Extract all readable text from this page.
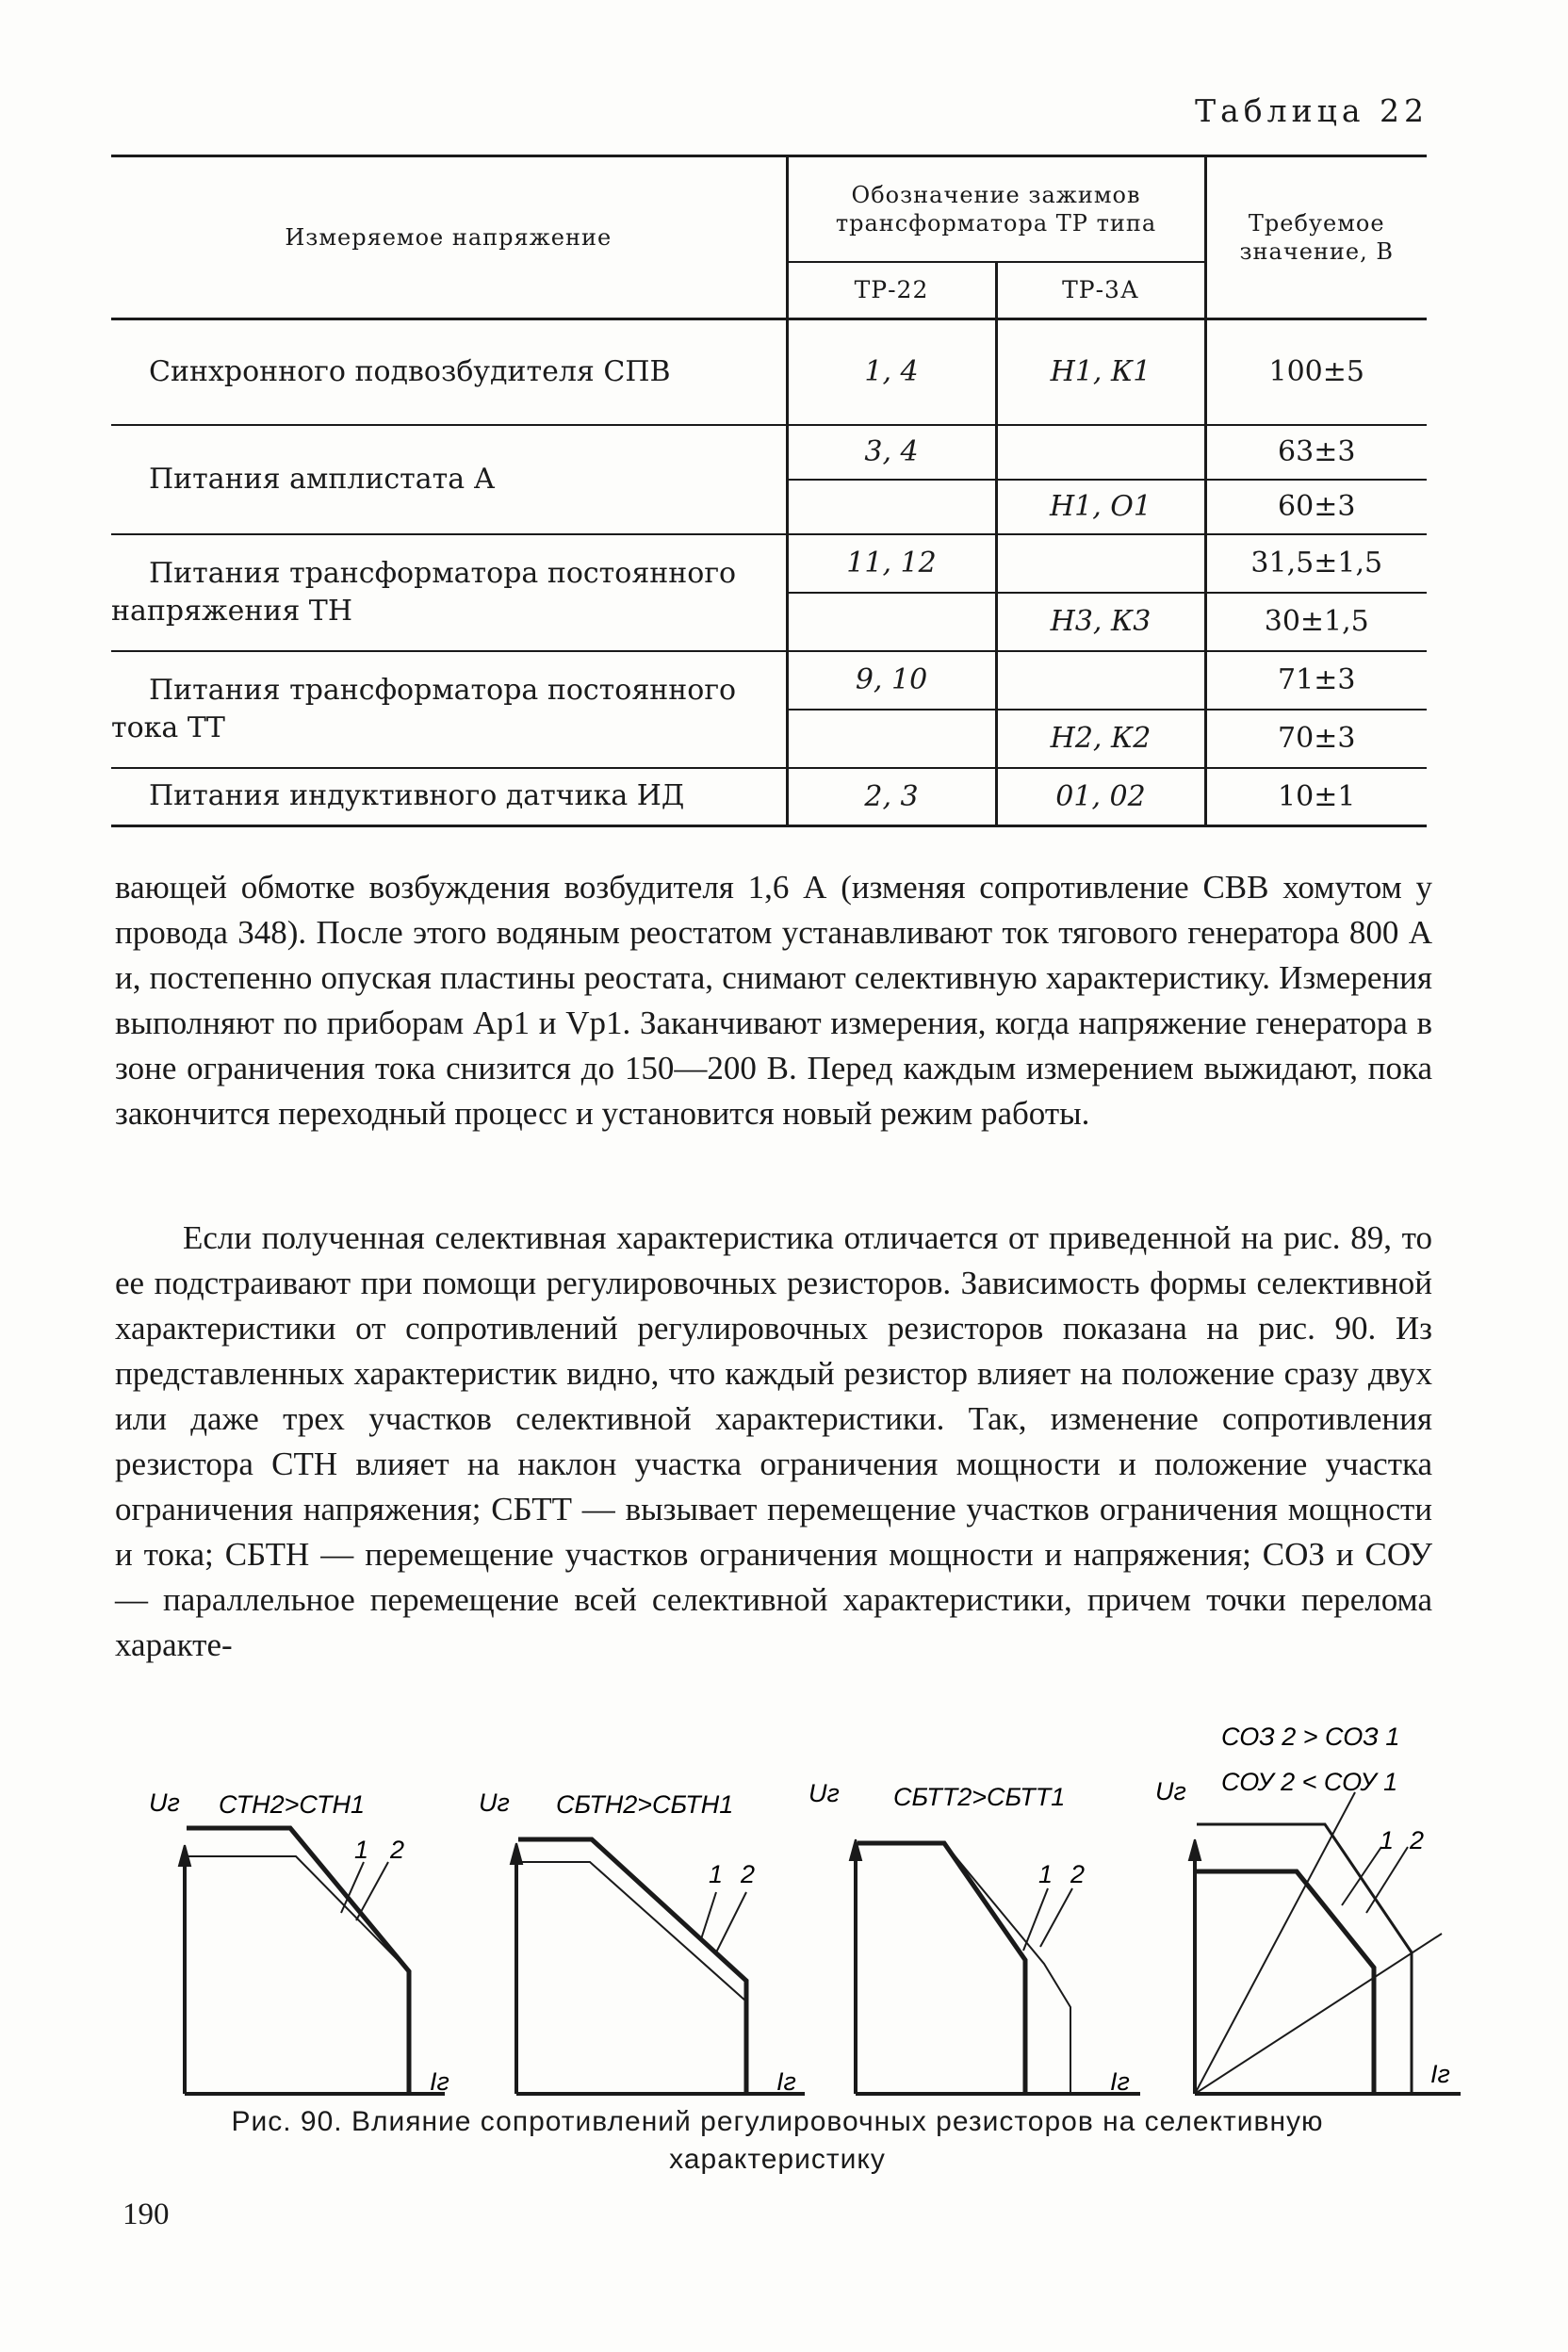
Таблица 22
Измеряемое напряжение	Обозначение зажимов трансформатора ТР типа		Требуемое значение, В
	ТР-22	ТР-3А	
Синхронного подвозбудителя СПВ	1, 4	Н1, К1	100±5
Питания амплистата А	3, 4		63±3
		Н1, О1	60±3
Питания трансформатора постоянного напряжения ТН	11, 12		31,5±1,5
		Н3, К3	30±1,5
Питания трансформатора постоянного тока ТТ	9, 10		71±3
		Н2, К2	70±3
Питания индуктивного датчика ИД	2, 3	01, 02	10±1
вающей обмотке возбуждения возбудителя 1,6 А (изменяя сопротивление СВВ хомутом у провода 348). После этого водяным реостатом устанавливают ток тягового генератора 800 А и, постепенно опуская пластины реостата, снимают селективную характеристику. Измерения выполняют по приборам Ар1 и Vр1. Заканчивают измерения, когда напряжение генератора в зоне ограничения тока снизится до 150—200 В. Перед каждым измерением выжидают, пока закончится переходный процесс и установится новый режим работы.
Если полученная селективная характеристика отличается от приведенной на рис. 89, то ее подстраивают при помощи регулировочных резисторов. Зависимость формы селективной характеристики от сопротивлений регулировочных резисторов показана на рис. 90. Из представленных характеристик видно, что каждый резистор влияет на положение сразу двух или даже трех участков селективной характеристики. Так, изменение сопротивления резистора СТН влияет на наклон участка ограничения мощности и положение участка ограничения напряжения; СБТТ — вызывает перемещение участков ограничения мощности и тока; СБТН — перемещение участков ограничения мощности и напряжения; СОЗ и СОУ — параллельное перемещение всей селективной характеристики, причем точки перелома характе-
Uг СТН2>СТН1
1 2
Iг
Uг СБТН2>СБТН1
1 2
Iг
Uг СБТТ2>СБТТ1
1 2
Iг
СОЗ 2 > СОЗ 1
Uг СОУ 2 < СОУ 1
1 2
Iг
Рис. 90. Влияние сопротивлений регулировочных резисторов на селективную характеристику
190
